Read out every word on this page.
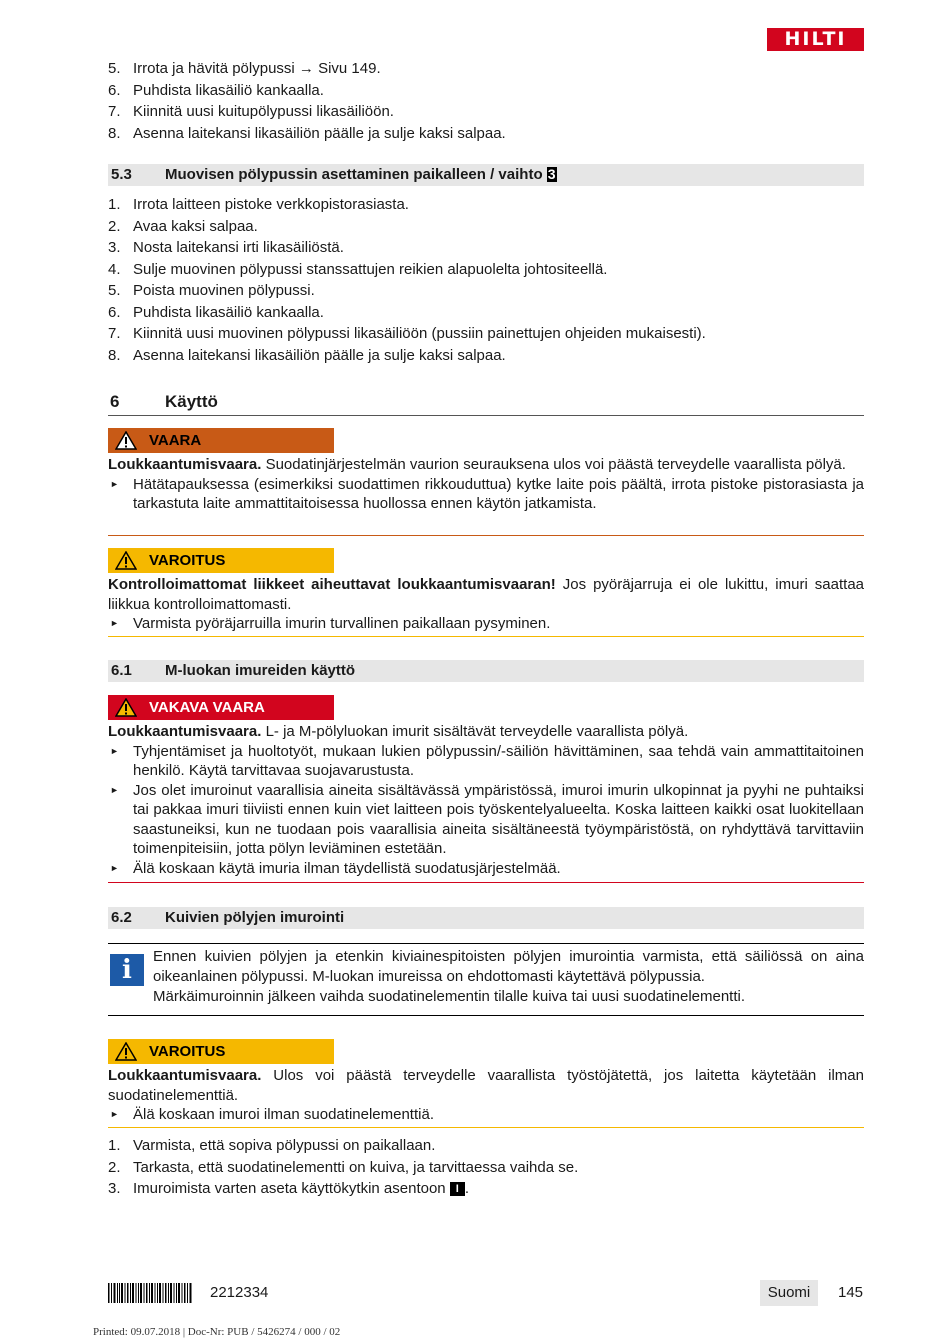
HILTI
5. Irrota ja hävitä pölypussi → Sivu 149.
6. Puhdista likasäiliö kankaalla.
7. Kiinnitä uusi kuitupölypussi likasäiliöön.
8. Asenna laitekansi likasäiliön päälle ja sulje kaksi salpaa.
5.3 Muovisen pölypussin asettaminen paikalleen / vaihto 3
1. Irrota laitteen pistoke verkkopistorasiasta.
2. Avaa kaksi salpaa.
3. Nosta laitekansi irti likasäiliöstä.
4. Sulje muovinen pölypussi stanssattujen reikien alapuolelta johtositeellä.
5. Poista muovinen pölypussi.
6. Puhdista likasäiliö kankaalla.
7. Kiinnitä uusi muovinen pölypussi likasäiliöön (pussiin painettujen ohjeiden mukaisesti).
8. Asenna laitekansi likasäiliön päälle ja sulje kaksi salpaa.
6	Käyttö
VAARA
Loukkaantumisvaara. Suodatinjärjestelmän vaurion seurauksena ulos voi päästä terveydelle vaarallista pölyä.
► Hätätapauksessa (esimerkiksi suodattimen rikkouduttua) kytke laite pois päältä, irrota pistoke pistorasiasta ja tarkastuta laite ammattitaitoisessa huollossa ennen käytön jatkamista.
VAROITUS
Kontrolloimattomat liikkeet aiheuttavat loukkaantumisvaaran! Jos pyöräjarruja ei ole lukittu, imuri saattaa liikkua kontrolloimattomasti.
► Varmista pyöräjarruilla imurin turvallinen paikallaan pysyminen.
6.1 M-luokan imureiden käyttö
VAKAVA VAARA
Loukkaantumisvaara. L- ja M-pölyluokan imurit sisältävät terveydelle vaarallista pölyä.
► Tyhjentämiset ja huoltotyöt, mukaan lukien pölypussin/-säiliön hävittäminen, saa tehdä vain ammattitaitoinen henkilö. Käytä tarvittavaa suojavarustusta.
► Jos olet imuroinut vaarallisia aineita sisältävässä ympäristössä, imuroi imurin ulkopinnat ja pyyhi ne puhtaiksi tai pakkaa imuri tiiviisti ennen kuin viet laitteen pois työskentelyalueelta. Koska laitteen kaikki osat luokitellaan saastuneiksi, kun ne tuodaan pois vaarallisia aineita sisältäneestä työympäristöstä, on ryhdyttävä tarvittaviin toimenpiteisiin, jotta pölyn leviäminen estetään.
► Älä koskaan käytä imuria ilman täydellistä suodatusjärjestelmää.
6.2 Kuivien pölyjen imurointi
i	Ennen kuivien pölyjen ja etenkin kiviainespitoisten pölyjen imurointia varmista, että säiliössä on aina oikeanlainen pölypussi. M-luokan imureissa on ehdottomasti käytettävä pölypussia.
Märkäimuroinnin jälkeen vaihda suodatinelementin tilalle kuiva tai uusi suodatinelementti.
VAROITUS
Loukkaantumisvaara. Ulos voi päästä terveydelle vaarallista työstöjätettä, jos laitetta käytetään ilman suodatinelementtiä.
► Älä koskaan imuroi ilman suodatinelementtiä.
1. Varmista, että sopiva pölypussi on paikallaan.
2. Tarkasta, että suodatinelementti on kuiva, ja tarvittaessa vaihda se.
3. Imuroimista varten aseta käyttökytkin asentoon I .
2212334	Suomi	145
Printed: 09.07.2018 | Doc-Nr: PUB / 5426274 / 000 / 02
